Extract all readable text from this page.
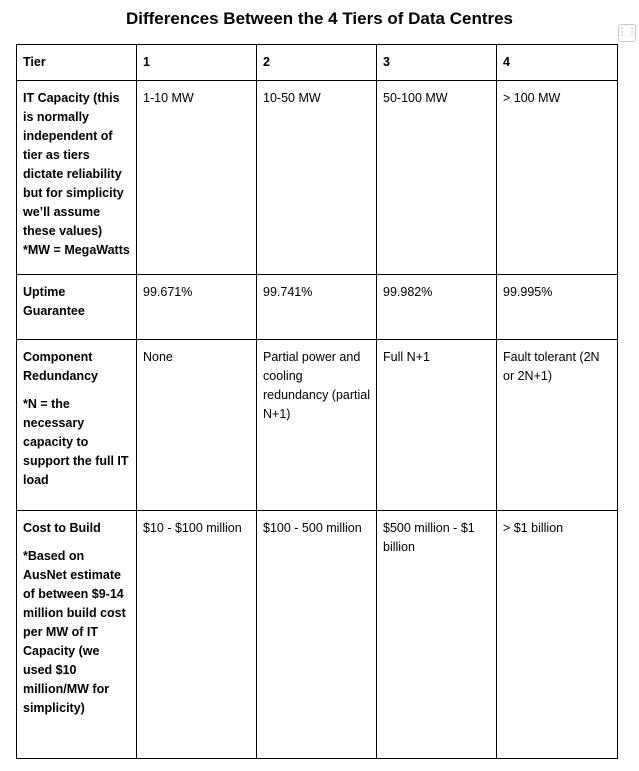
Differences Between the 4 Tiers of Data Centres
⋮⋮
Tier	1	2	3	4
IT Capacity (this is normally independent of tier as tiers dictate reliability but for simplicity we’ll assume these values) *MW = MegaWatts	1-10 MW	10-50 MW	50-100 MW	> 100 MW
Uptime Guarantee	99.671%	99.741%	99.982%	99.995%

Component Redundancy
*N = the necessary capacity to support the full IT load	None	Partial power and cooling redundancy (partial N+1)	Full N+1	Fault tolerant (2N or 2N+1)

Cost to Build
*Based on AusNet estimate of between $9-14 million build cost per MW of IT Capacity (we used $10 million/MW for simplicity)	$10 - $100 million	$100 - 500 million	$500 million - $1 billion	> $1 billion
